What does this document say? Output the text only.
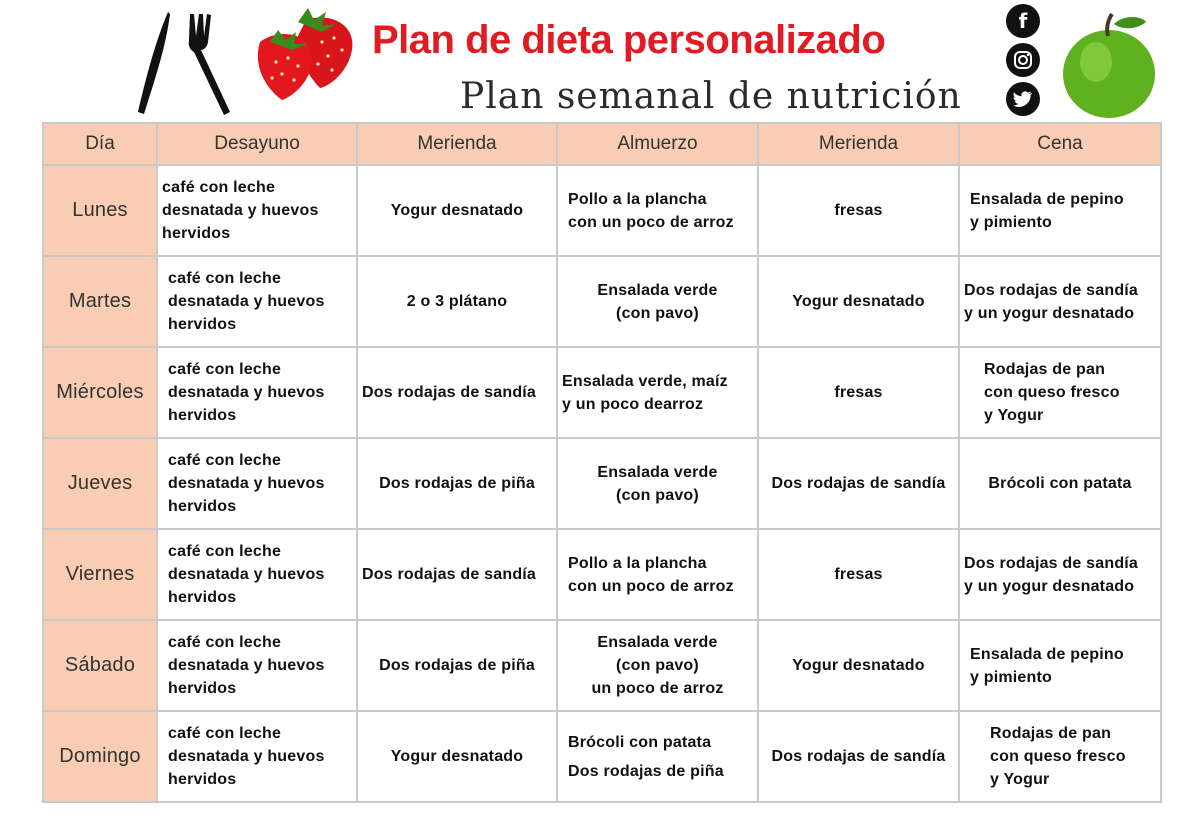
Plan de dieta personalizado
Plan semanal de nutrición
f
Día	Desayuno	Merienda	Almuerzo	Merienda	Cena
Lunes	café con leche
desnatada y huevos
hervidos	Yogur desnatado	Pollo a la plancha
con un poco de arroz	fresas	Ensalada de pepino
y pimiento

Martes	café con leche
desnatada y huevos
hervidos	2 o 3 plátano	Ensalada verde
(con pavo)	Yogur desnatado	Dos rodajas de sandía
y un yogur desnatado

Miércoles	café con leche
desnatada y huevos
hervidos	Dos rodajas de sandía	Ensalada verde, maíz
y un poco dearroz	fresas	Rodajas de pan
con queso fresco
y Yogur

Jueves	café con leche
desnatada y huevos
hervidos	Dos rodajas de piña	Ensalada verde
(con pavo)	Dos rodajas de sandía	Brócoli con patata

Viernes	café con leche
desnatada y huevos
hervidos	Dos rodajas de sandía	Pollo a la plancha
con un poco de arroz	fresas	Dos rodajas de sandía
y un yogur desnatado

Sábado	café con leche
desnatada y huevos
hervidos	Dos rodajas de piña	Ensalada verde
(con pavo)
un poco de arroz	Yogur desnatado	Ensalada de pepino
y pimiento

Domingo	café con leche
desnatada y huevos
hervidos	Yogur desnatado	Brócoli con patata
Dos rodajas de piña	Dos rodajas de sandía	Rodajas de pan
con queso fresco
y Yogur
